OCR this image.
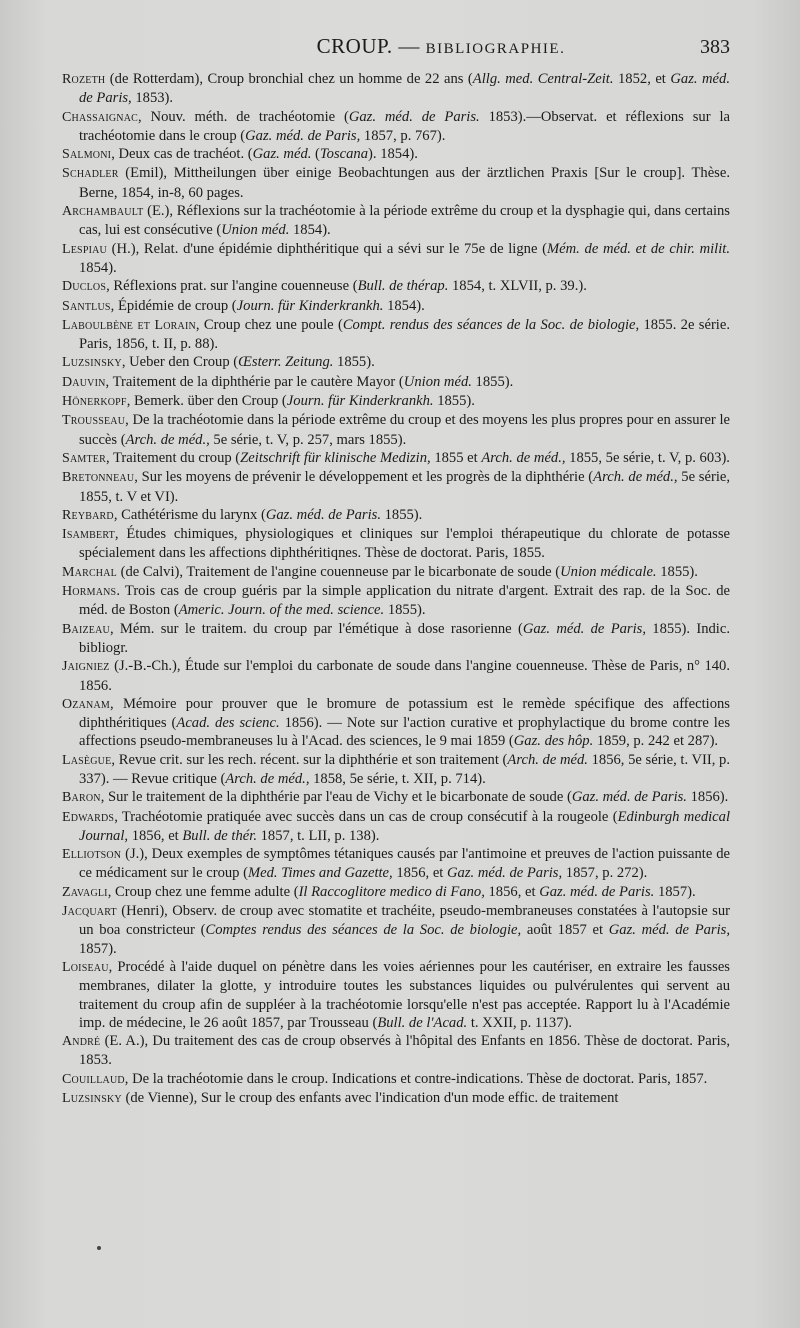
CROUP. — BIBLIOGRAPHIE.	383
Rozeth (de Rotterdam), Croup bronchial chez un homme de 22 ans (Allg. med. Central-Zeit. 1852, et Gaz. méd. de Paris, 1853).
Chassaignac, Nouv. méth. de trachéotomie (Gaz. méd. de Paris. 1853).—Observat. et réflexions sur la trachéotomie dans le croup (Gaz. méd. de Paris, 1857, p. 767).
Salmoni, Deux cas de trachéot. (Gaz. méd. (Toscana). 1854).
Schadler (Emil), Mittheilungen über einige Beobachtungen aus der ärztlichen Praxis [Sur le croup]. Thèse. Berne, 1854, in-8, 60 pages.
Archambault (E.), Réflexions sur la trachéotomie à la période extrême du croup et la dysphagie qui, dans certains cas, lui est consécutive (Union méd. 1854).
Lespiau (H.), Relat. d'une épidémie diphthéritique qui a sévi sur le 75e de ligne (Mém. de méd. et de chir. milit. 1854).
Duclos, Réflexions prat. sur l'angine couenneuse (Bull. de thérap. 1854, t. XLVII, p. 39.).
Santlus, Épidémie de croup (Journ. für Kinderkrankh. 1854).
Laboulbène et Lorain, Croup chez une poule (Compt. rendus des séances de la Soc. de biologie, 1855. 2e série. Paris, 1856, t. II, p. 88).
Luzsinsky, Ueber den Croup (Œsterr. Zeitung. 1855).
Dauvin, Traitement de la diphthérie par le cautère Mayor (Union méd. 1855).
Hönerkopf, Bemerk. über den Croup (Journ. für Kinderkrankh. 1855).
Trousseau, De la trachéotomie dans la période extrême du croup et des moyens les plus propres pour en assurer le succès (Arch. de méd., 5e série, t. V, p. 257, mars 1855).
Samter, Traitement du croup (Zeitschrift für klinische Medizin, 1855 et Arch. de méd., 1855, 5e série, t. V, p. 603).
Bretonneau, Sur les moyens de prévenir le développement et les progrès de la diphthérie (Arch. de méd., 5e série, 1855, t. V et VI).
Reybard, Cathétérisme du larynx (Gaz. méd. de Paris. 1855).
Isambert, Études chimiques, physiologiques et cliniques sur l'emploi thérapeutique du chlorate de potasse spécialement dans les affections diphthéritiqnes. Thèse de doctorat. Paris, 1855.
Marchal (de Calvi), Traitement de l'angine couenneuse par le bicarbonate de soude (Union médicale. 1855).
Hormans. Trois cas de croup guéris par la simple application du nitrate d'argent. Extrait des rap. de la Soc. de méd. de Boston (Americ. Journ. of the med. science. 1855).
Baizeau, Mém. sur le traitem. du croup par l'émétique à dose rasorienne (Gaz. méd. de Paris, 1855). Indic. bibliogr.
Jaigniez (J.-B.-Ch.), Étude sur l'emploi du carbonate de soude dans l'angine couenneuse. Thèse de Paris, n° 140. 1856.
Ozanam, Mémoire pour prouver que le bromure de potassium est le remède spécifique des affections diphthéritiques (Acad. des scienc. 1856). — Note sur l'action curative et prophylactique du brome contre les affections pseudo-membraneuses lu à l'Acad. des sciences, le 9 mai 1859 (Gaz. des hôp. 1859, p. 242 et 287).
Lasègue, Revue crit. sur les rech. récent. sur la diphthérie et son traitement (Arch. de méd. 1856, 5e série, t. VII, p. 337). — Revue critique (Arch. de méd., 1858, 5e série, t. XII, p. 714).
Baron, Sur le traitement de la diphthérie par l'eau de Vichy et le bicarbonate de soude (Gaz. méd. de Paris. 1856).
Edwards, Trachéotomie pratiquée avec succès dans un cas de croup consécutif à la rougeole (Edinburgh medical Journal, 1856, et Bull. de thér. 1857, t. LII, p. 138).
Elliotson (J.), Deux exemples de symptômes tétaniques causés par l'antimoine et preuves de l'action puissante de ce médicament sur le croup (Med. Times and Gazette, 1856, et Gaz. méd. de Paris, 1857, p. 272).
Zavagli, Croup chez une femme adulte (Il Raccoglitore medico di Fano, 1856, et Gaz. méd. de Paris. 1857).
Jacquart (Henri), Observ. de croup avec stomatite et trachéite, pseudo-membraneuses constatées à l'autopsie sur un boa constricteur (Comptes rendus des séances de la Soc. de biologie, août 1857 et Gaz. méd. de Paris, 1857).
Loiseau, Procédé à l'aide duquel on pénètre dans les voies aériennes pour les cautériser, en extraire les fausses membranes, dilater la glotte, y introduire toutes les substances liquides ou pulvérulentes qui servent au traitement du croup afin de suppléer à la trachéotomie lorsqu'elle n'est pas acceptée. Rapport lu à l'Académie imp. de médecine, le 26 août 1857, par Trousseau (Bull. de l'Acad. t. XXII, p. 1137).
André (E. A.), Du traitement des cas de croup observés à l'hôpital des Enfants en 1856. Thèse de doctorat. Paris, 1853.
Couillaud, De la trachéotomie dans le croup. Indications et contre-indications. Thèse de doctorat. Paris, 1857.
Luzsinsky (de Vienne), Sur le croup des enfants avec l'indication d'un mode effic. de traitement
